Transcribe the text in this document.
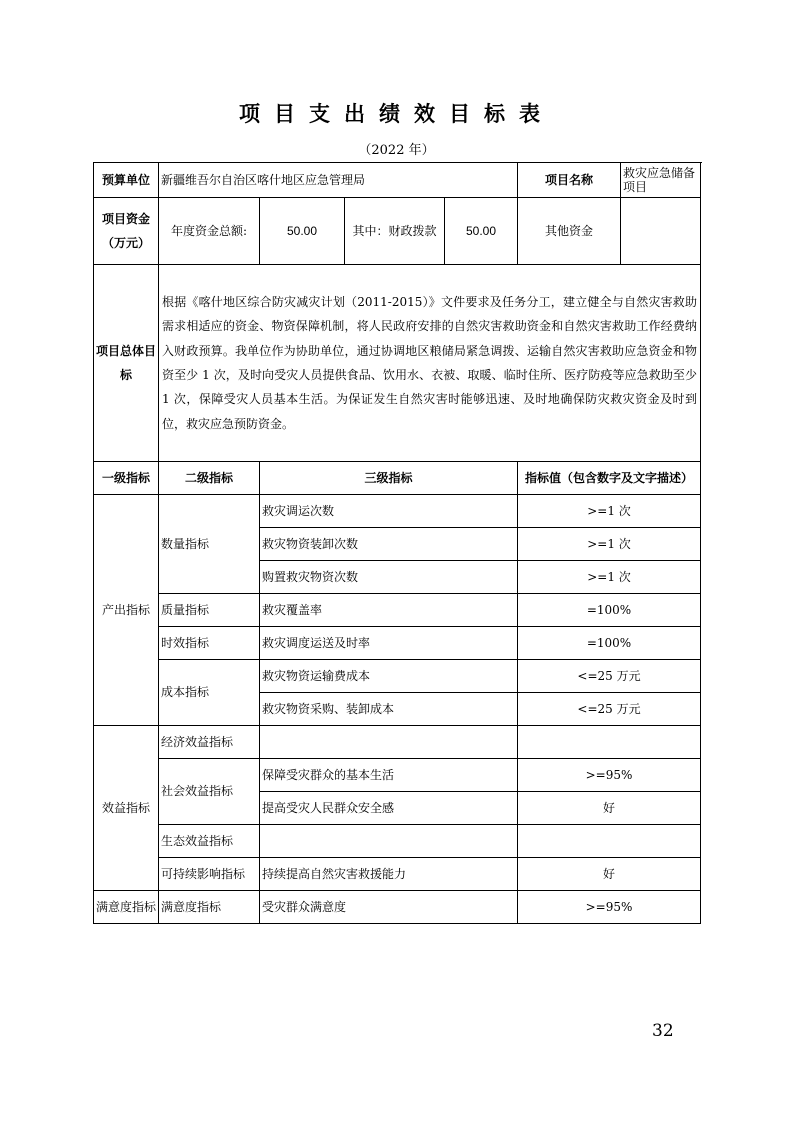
项目支出绩效目标表
（2022 年）
预算单位	新疆维吾尔自治区喀什地区应急管理局				项目名称	救灾应急储备项目
项目资金（万元）	年度资金总额:	50.00	其中：财政拨款	50.00	其他资金	
项目总体目标	根据《喀什地区综合防灾减灾计划（2011-2015）》文件要求及任务分工，建立健全与自然灾害救助需求相适应的资金、物资保障机制，将人民政府安排的自然灾害救助资金和自然灾害救助工作经费纳入财政预算。我单位作为协助单位，通过协调地区粮储局紧急调拨、运输自然灾害救助应急资金和物资至少 1 次，及时向受灾人员提供食品、饮用水、衣被、取暖、临时住所、医疗防疫等应急救助至少 1 次，保障受灾人员基本生活。为保证发生自然灾害时能够迅速、及时地确保防灾救灾资金及时到位，救灾应急预防资金。					
一级指标	二级指标	三级指标			指标值（包含数字及文字描述）	
产出指标	数量指标	救灾调运次数			>=1 次	
		救灾物资装卸次数			>=1 次	
		购置救灾物资次数			>=1 次	
	质量指标	救灾覆盖率			=100%	
	时效指标	救灾调度运送及时率			=100%	
	成本指标	救灾物资运输费成本			<=25 万元	
		救灾物资采购、装卸成本			<=25 万元	
效益指标	经济效益指标					
	社会效益指标	保障受灾群众的基本生活			>=95%	
		提高受灾人民群众安全感			好	
	生态效益指标					
	可持续影响指标	持续提高自然灾害救援能力			好	
满意度指标	满意度指标	受灾群众满意度			>=95%	
32
